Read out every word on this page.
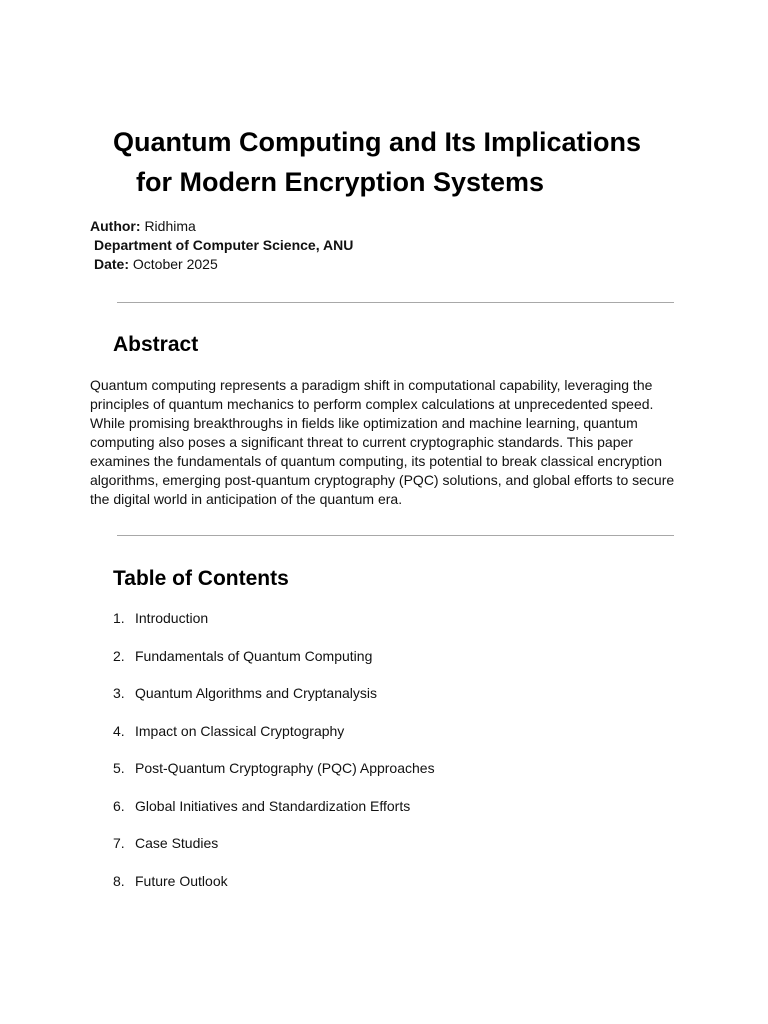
Quantum Computing and Its Implications
for Modern Encryption Systems
Author: Ridhima
Department of Computer Science, ANU
Date: October 2025
Abstract

Quantum computing represents a paradigm shift in computational capability, leveraging the principles of quantum mechanics to perform complex calculations at unprecedented speed. While promising breakthroughs in fields like optimization and machine learning, quantum computing also poses a significant threat to current cryptographic standards. This paper examines the fundamentals of quantum computing, its potential to break classical encryption algorithms, emerging post-quantum cryptography (PQC) solutions, and global efforts to secure the digital world in anticipation of the quantum era.

Table of Contents
1. Introduction
2. Fundamentals of Quantum Computing
3. Quantum Algorithms and Cryptanalysis
4. Impact on Classical Cryptography
5. Post-Quantum Cryptography (PQC) Approaches
6. Global Initiatives and Standardization Efforts
7. Case Studies
8. Future Outlook
